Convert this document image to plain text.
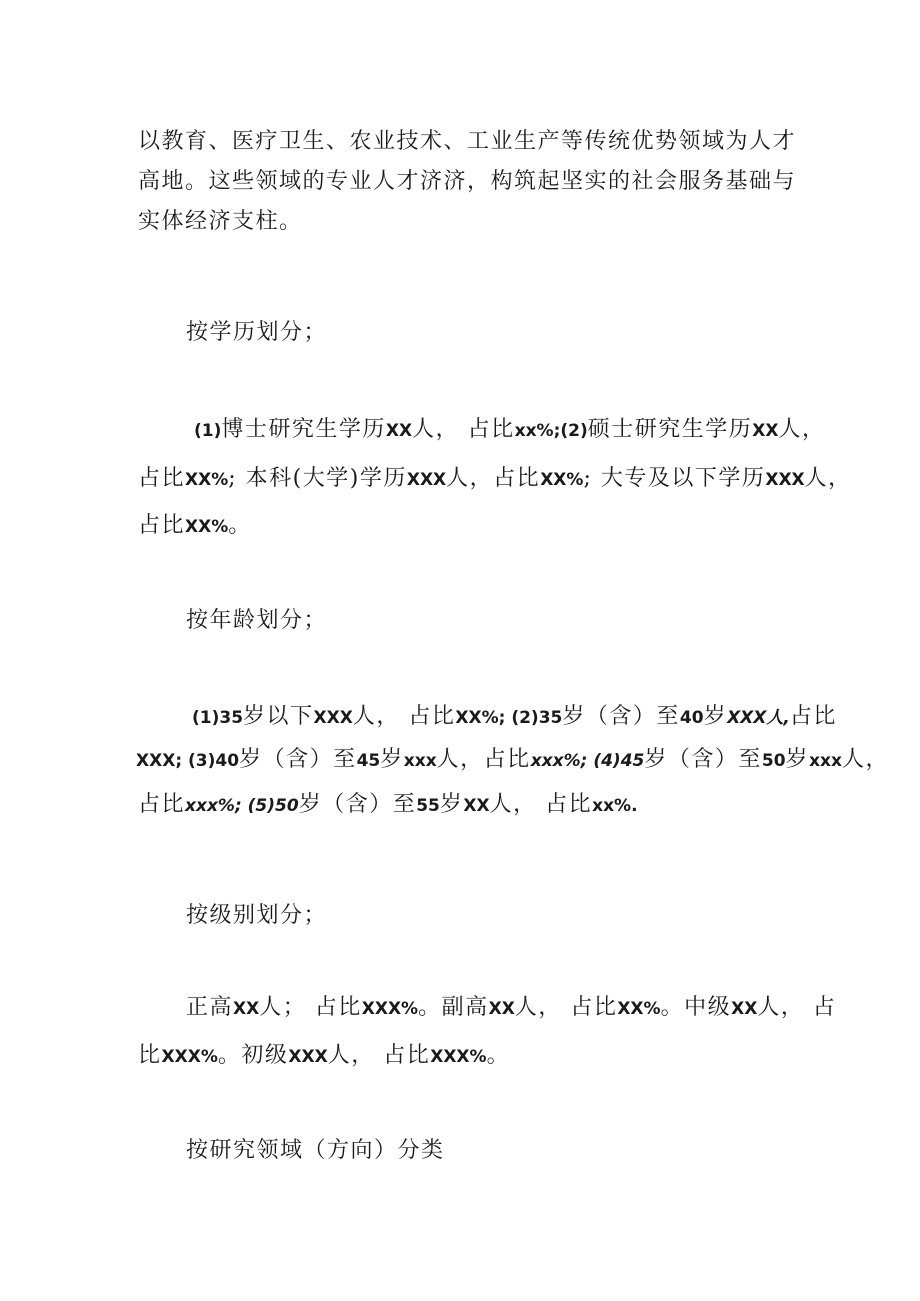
以教育、医疗卫生、农业技术、工业生产等传统优势领域为人才
高地。这些领域的专业人才济济，构筑起坚实的社会服务基础与
实体经济支柱。

按学历划分；

(1)博士研究生学历XX人， 占比xx%;(2)硕士研究生学历XX人，
占比XX%; 本科(大学)学历XXX人，占比XX%; 大专及以下学历XXX人，
占比XX%。

按年龄划分；

(1)35岁以下XXX人， 占比XX%; (2)35岁（含）至40岁XXX人,占比
XXX; (3)40岁（含）至45岁xxx人，占比xxx%; (4)45岁（含）至50岁xxx人，
占比xxx%; (5)50岁（含）至55岁XX人， 占比xx%.

按级别划分；

正高XX人； 占比XXX%。副高XX人， 占比XX%。中级XX人， 占
比XXX%。初级XXX人， 占比XXX%。

按研究领域（方向）分类
